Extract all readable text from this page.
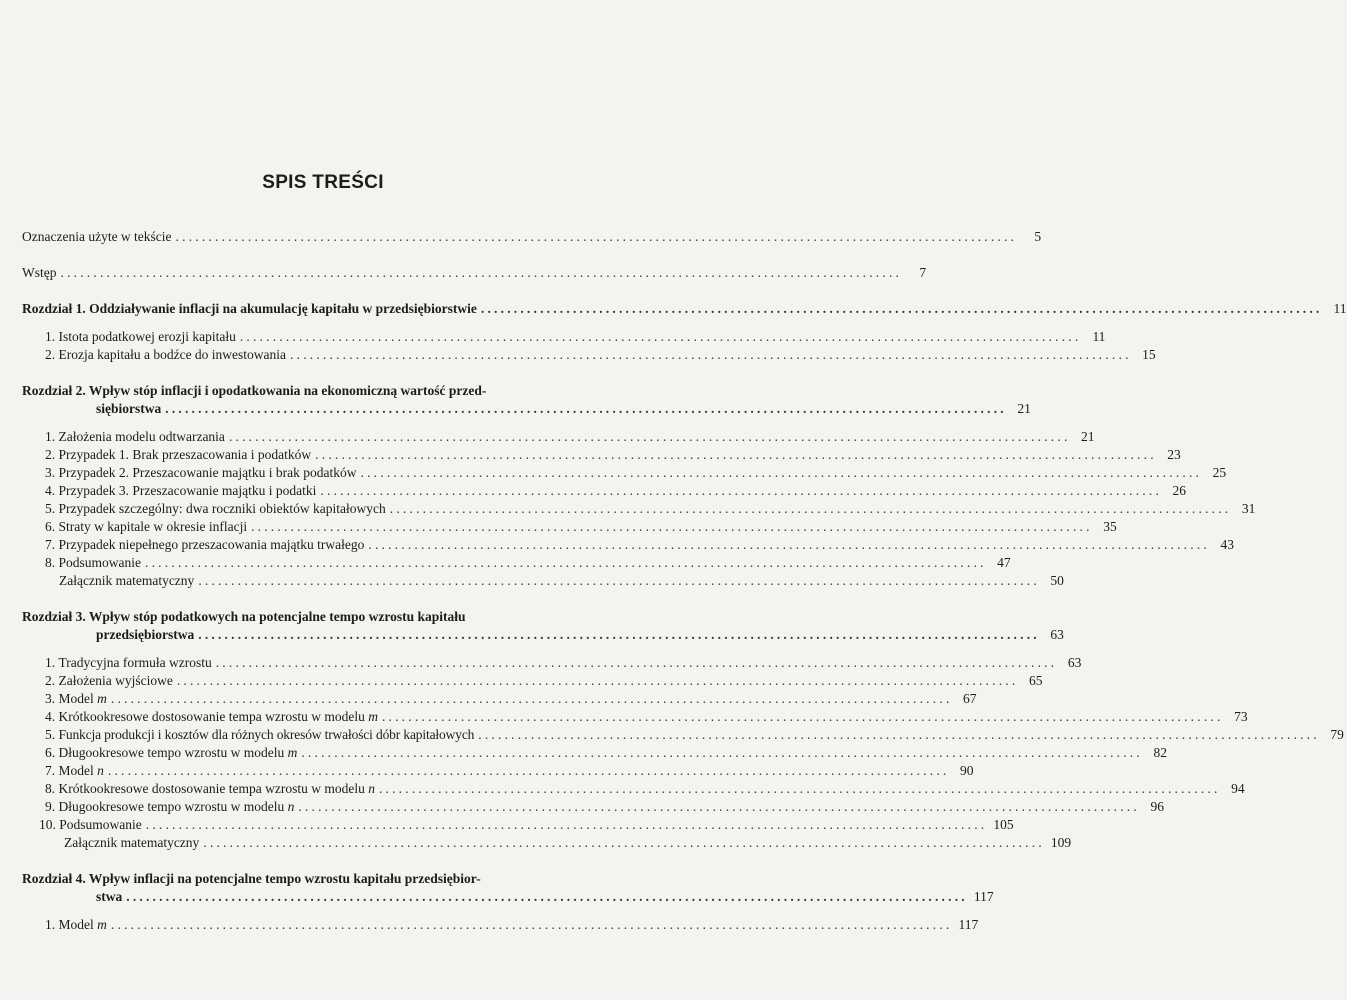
SPIS TREŚCI
Oznaczenia użyte w tekście ................................................................................................................................	5
Wstęp ................................................................................................................................	7
Rozdział 1. Oddziaływanie inflacji na akumulację kapitału w przedsiębiorstwie ................................................................................................................................ 11
1.
Istota podatkowej erozji kapitału ................................................................................................................................ 11
2.
Erozja kapitału a bodźce do inwestowania ................................................................................................................................ 15
Rozdział 2. Wpływ stóp inflacji i opodatkowania na ekonomiczną wartość przed-
siębiorstwa ................................................................................................................................ 21
1.
Założenia modelu odtwarzania ................................................................................................................................ 21
2.
Przypadek 1. Brak przeszacowania i podatków ................................................................................................................................ 23
3.
Przypadek 2. Przeszacowanie majątku i brak podatków ................................................................................................................................ 25
4.
Przypadek 3. Przeszacowanie majątku i podatki ................................................................................................................................ 26
5.
Przypadek szczególny: dwa roczniki obiektów kapitałowych ................................................................................................................................ 31
6.
Straty w kapitale w okresie inflacji ................................................................................................................................ 35
7.
Przypadek niepełnego przeszacowania majątku trwałego ................................................................................................................................ 43
8.
Podsumowanie ................................................................................................................................ 47
Załącznik matematyczny ................................................................................................................................ 50
Rozdział 3. Wpływ stóp podatkowych na potencjalne tempo wzrostu kapitału
przedsiębiorstwa ................................................................................................................................ 63
1.
Tradycyjna formuła wzrostu ................................................................................................................................ 63
2.
Założenia wyjściowe ................................................................................................................................ 65
3.
Model
m ................................................................................................................................ 67
4.
Krótkookresowe dostosowanie tempa wzrostu w modelu
m ................................................................................................................................ 73
5.
Funkcja produkcji i kosztów dla różnych okresów trwałości dóbr kapitałowych ................................................................................................................................ 79
6.
Długookresowe tempo wzrostu w modelu
m ................................................................................................................................ 82
7.
Model
n ................................................................................................................................ 90
8.
Krótkookresowe dostosowanie tempa wzrostu w modelu
n ................................................................................................................................ 94
9.
Długookresowe tempo wzrostu w modelu
n ................................................................................................................................ 96
10.
Podsumowanie ................................................................................................................................ 105
Załącznik matematyczny ................................................................................................................................ 109
Rozdział 4. Wpływ inflacji na potencjalne tempo wzrostu kapitału przedsiębior-
stwa ................................................................................................................................ 117
1.
Model
m ................................................................................................................................ 117
